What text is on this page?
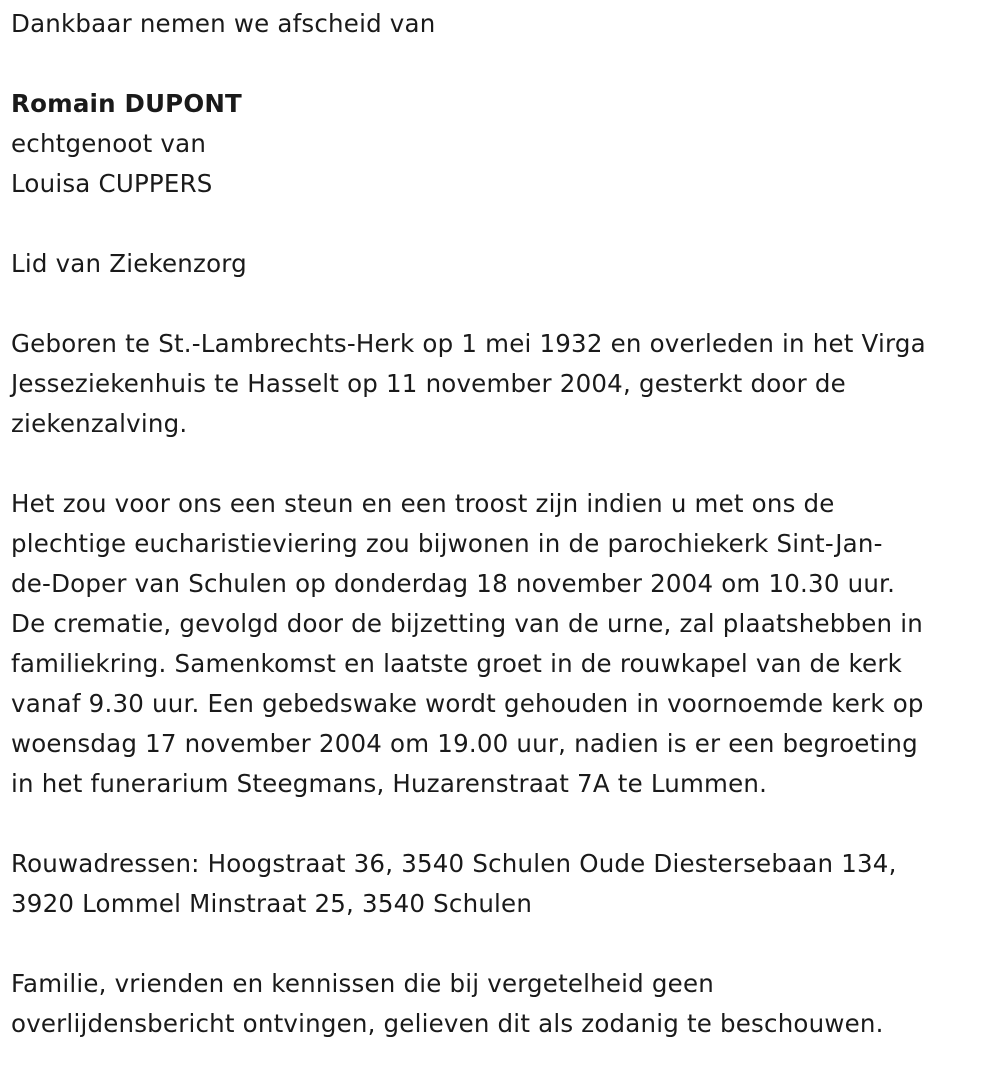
Dankbaar nemen we afscheid van

Romain DUPONT

echtgenoot van

Louisa CUPPERS

Lid van Ziekenzorg

Geboren te St.-Lambrechts-Herk op 1 mei 1932 en overleden in het Virga

Jesseziekenhuis te Hasselt op 11 november 2004, gesterkt door de

ziekenzalving.

Het zou voor ons een steun en een troost zijn indien u met ons de

plechtige eucharistieviering zou bijwonen in de parochiekerk Sint-Jan-

de-Doper van Schulen op donderdag 18 november 2004 om 10.30 uur.

De crematie, gevolgd door de bijzetting van de urne, zal plaatshebben in

familiekring. Samenkomst en laatste groet in de rouwkapel van de kerk

vanaf 9.30 uur. Een gebedswake wordt gehouden in voornoemde kerk op

woensdag 17 november 2004 om 19.00 uur, nadien is er een begroeting

in het funerarium Steegmans, Huzarenstraat 7A te Lummen.

Rouwadressen: Hoogstraat 36, 3540 Schulen Oude Diestersebaan 134,

3920 Lommel Minstraat 25, 3540 Schulen

Familie, vrienden en kennissen die bij vergetelheid geen

overlijdensbericht ontvingen, gelieven dit als zodanig te beschouwen.
